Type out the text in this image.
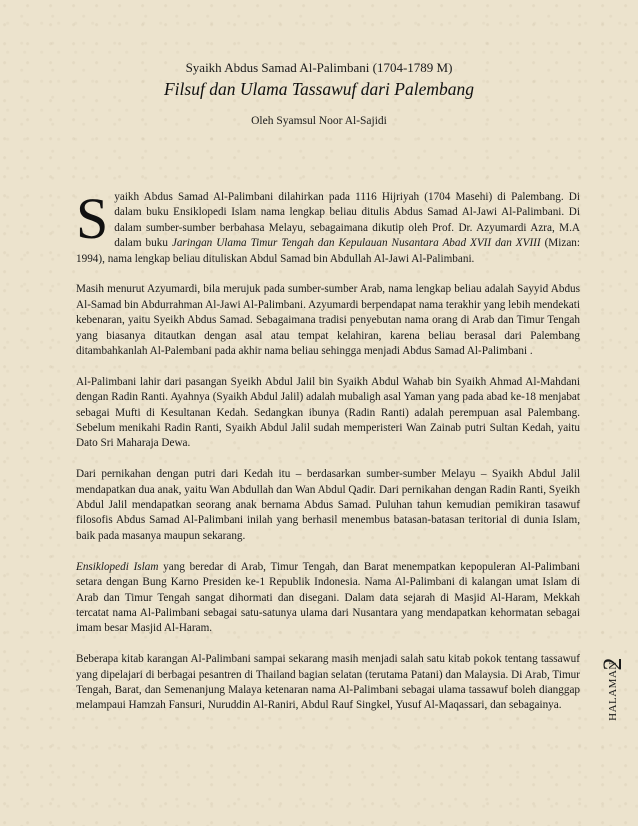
Syaikh Abdus Samad Al-Palimbani (1704-1789 M)
Filsuf dan Ulama Tassawuf dari Palembang
Oleh Syamsul Noor Al-Sajidi

Syaikh Abdus Samad Al-Palimbani dilahirkan pada 1116 Hijriyah (1704 Masehi) di Palembang. Di dalam buku Ensiklopedi Islam nama lengkap beliau ditulis Abdus Samad Al-Jawi Al-Palimbani. Di dalam sumber-sumber berbahasa Melayu, sebagaimana dikutip oleh Prof. Dr. Azyumardi Azra, M.A dalam buku Jaringan Ulama Timur Tengah dan Kepulauan Nusantara Abad XVII dan XVIII (Mizan: 1994), nama lengkap beliau dituliskan Abdul Samad bin Abdullah Al-Jawi Al-Palimbani.

Masih menurut Azyumardi, bila merujuk pada sumber-sumber Arab, nama lengkap beliau adalah Sayyid Abdus Al-Samad bin Abdurrahman Al-Jawi Al-Palimbani. Azyumardi berpendapat nama terakhir yang lebih mendekati kebenaran, yaitu Syeikh Abdus Samad. Sebagaimana tradisi penyebutan nama orang di Arab dan Timur Tengah yang biasanya ditautkan dengan asal atau tempat kelahiran, karena beliau berasal dari Palembang ditambahkanlah Al-Palembani pada akhir nama beliau sehingga menjadi Abdus Samad Al-Palimbani .

Al-Palimbani lahir dari pasangan Syeikh Abdul Jalil bin Syaikh Abdul Wahab bin Syaikh Ahmad Al-Mahdani dengan Radin Ranti. Ayahnya (Syaikh Abdul Jalil) adalah mubaligh asal Yaman yang pada abad ke-18 menjabat sebagai Mufti di Kesultanan Kedah. Sedangkan ibunya (Radin Ranti) adalah perempuan asal Palembang. Sebelum menikahi Radin Ranti, Syaikh Abdul Jalil sudah memperisteri Wan Zainab putri Sultan Kedah, yaitu Dato Sri Maharaja Dewa.

Dari pernikahan dengan putri dari Kedah itu – berdasarkan sumber-sumber Melayu – Syaikh Abdul Jalil mendapatkan dua anak, yaitu Wan Abdullah dan Wan Abdul Qadir. Dari pernikahan dengan Radin Ranti, Syeikh Abdul Jalil mendapatkan seorang anak bernama Abdus Samad. Puluhan tahun kemudian pemikiran tasawuf filosofis Abdus Samad Al-Palimbani inilah yang berhasil menembus batasan-batasan teritorial di dunia Islam, baik pada masanya maupun sekarang.

Ensiklopedi Islam yang beredar di Arab, Timur Tengah, dan Barat menempatkan kepopuleran Al-Palimbani setara dengan Bung Karno Presiden ke-1 Republik Indonesia. Nama Al-Palimbani di kalangan umat Islam di Arab dan Timur Tengah sangat dihormati dan disegani. Dalam data sejarah di Masjid Al-Haram, Mekkah tercatat nama Al-Palimbani sebagai satu-satunya ulama dari Nusantara yang mendapatkan kehormatan sebagai imam besar Masjid Al-Haram.

Beberapa kitab karangan Al-Palimbani sampai sekarang masih menjadi salah satu kitab pokok tentang tassawuf yang dipelajari di berbagai pesantren di Thailand bagian selatan (terutama Patani) dan Malaysia. Di Arab, Timur Tengah, Barat, dan Semenanjung Malaya ketenaran nama Al-Palimbani sebagai ulama tassawuf boleh dianggap melampaui Hamzah Fansuri, Nuruddin Al-Raniri, Abdul Rauf Singkel, Yusuf Al-Maqassari, dan sebagainya.

2
HALAMAN
